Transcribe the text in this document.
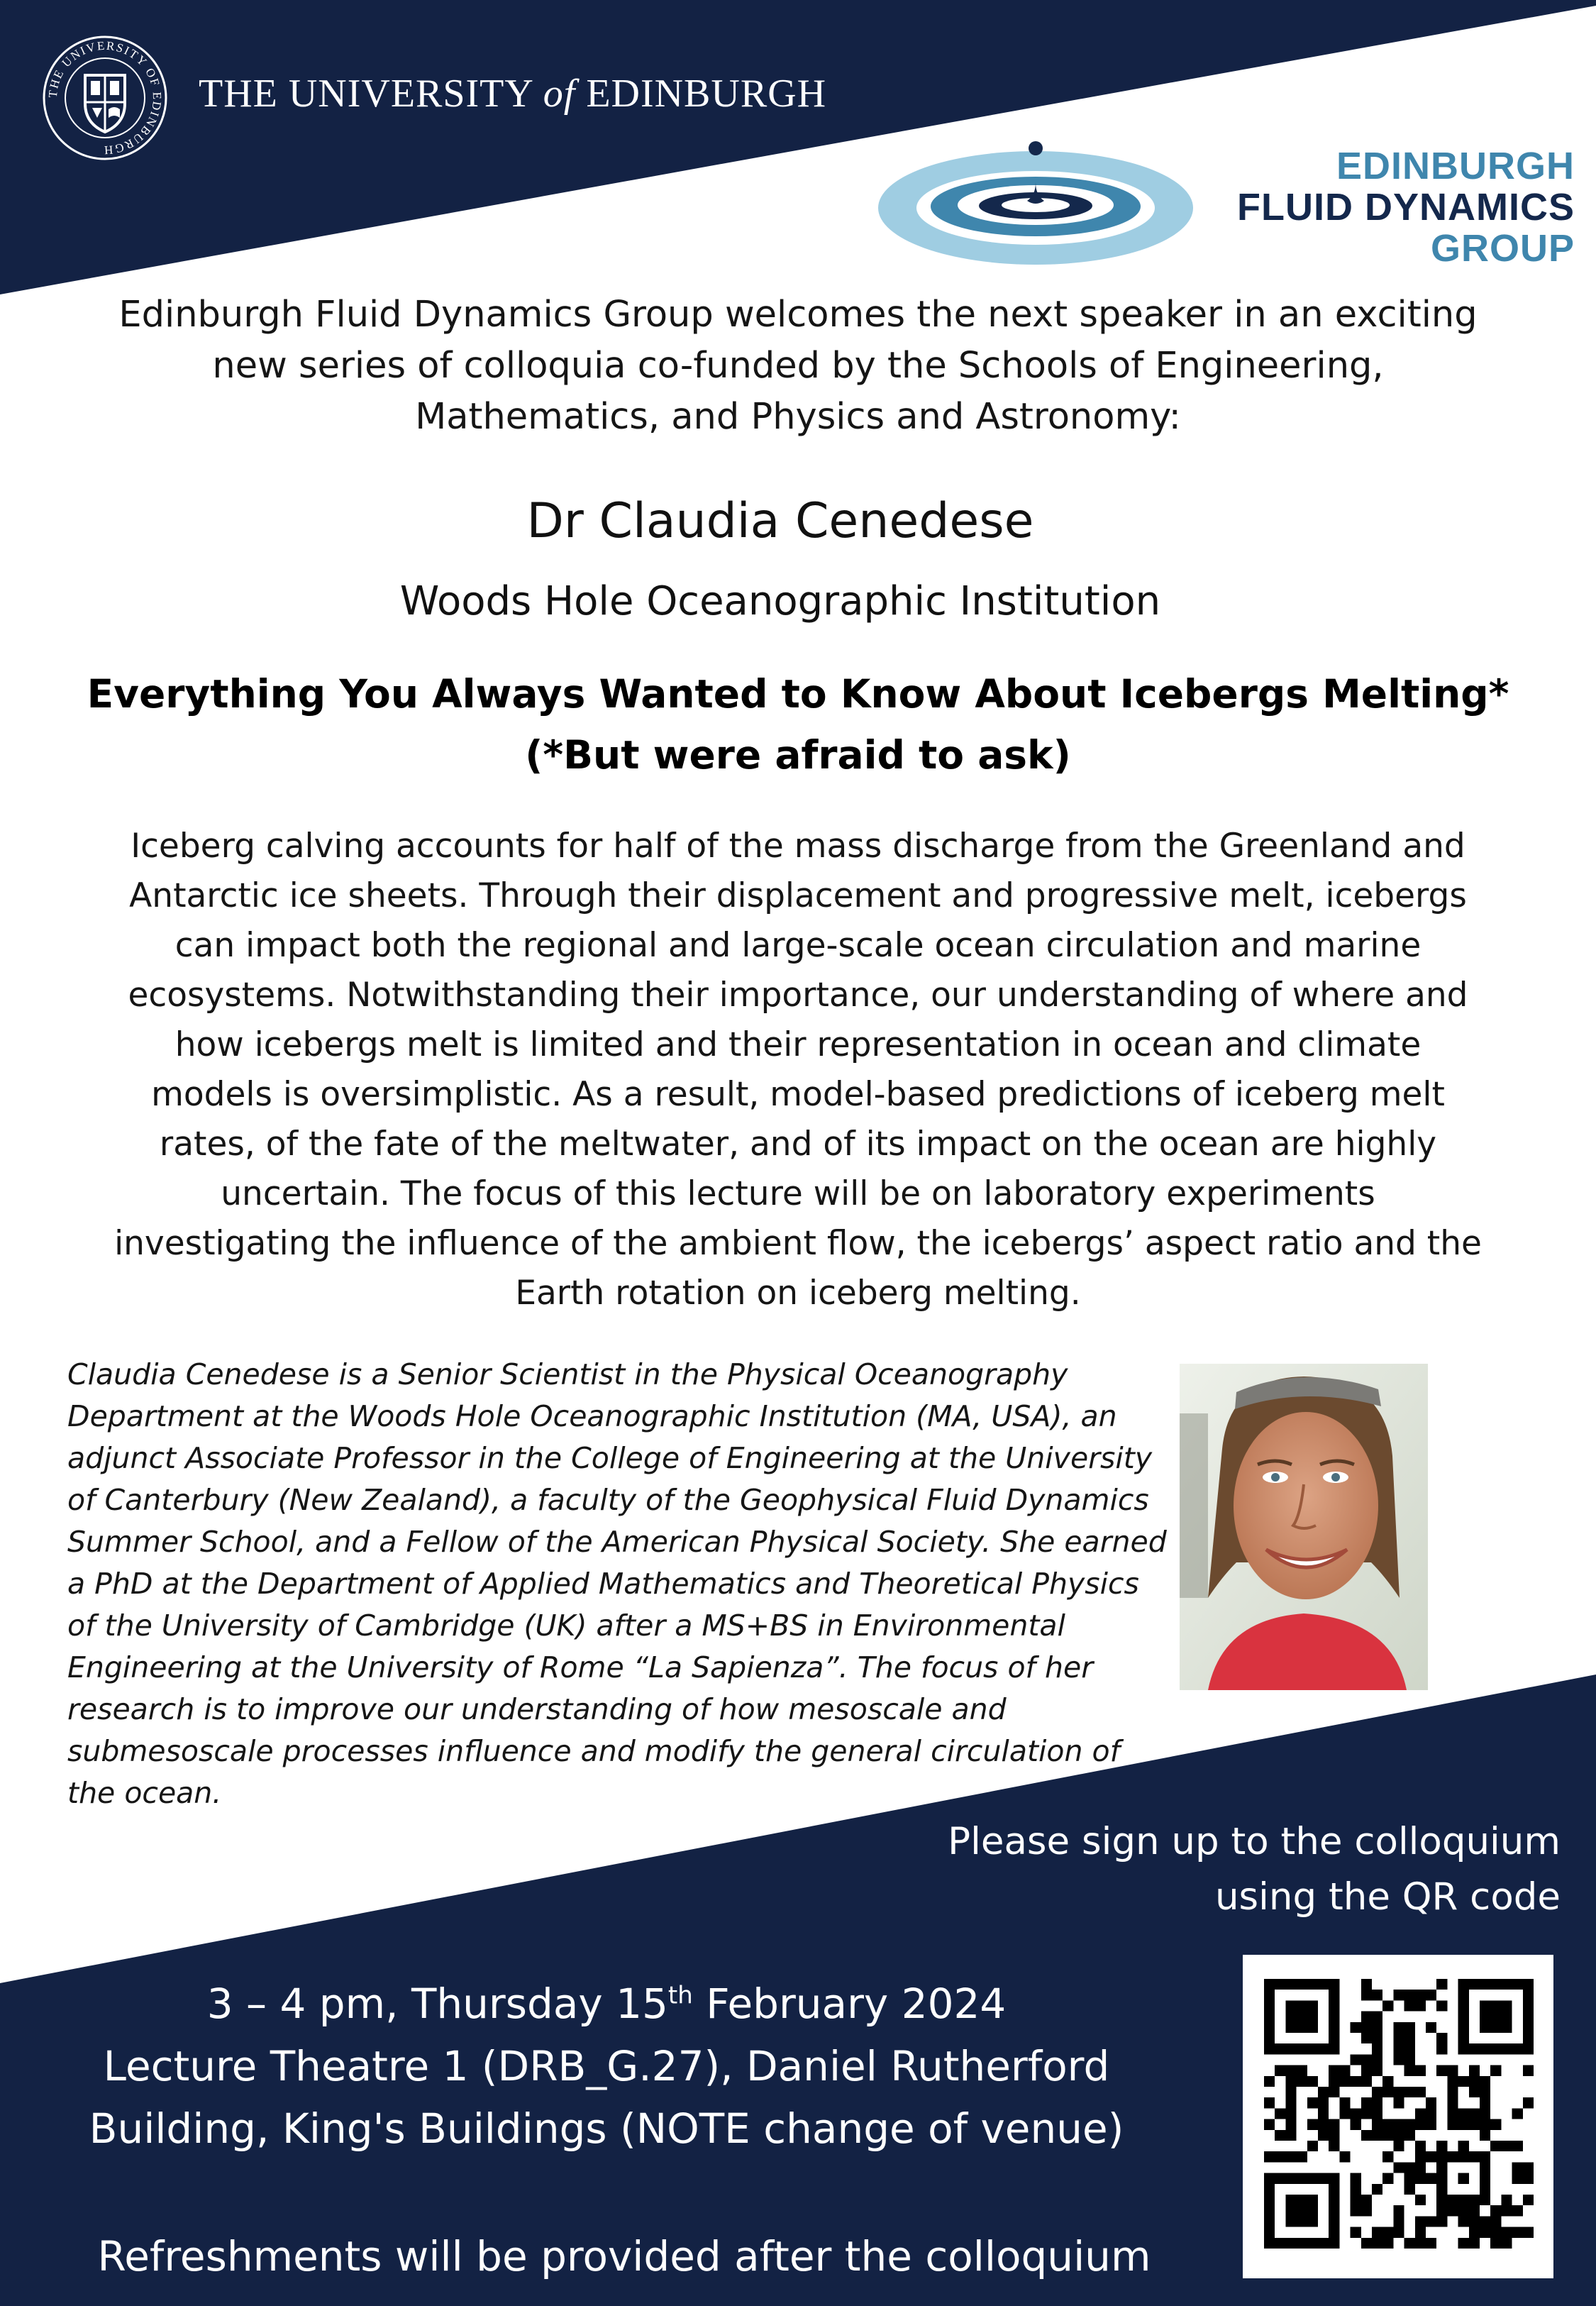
THE UNIVERSITY OF EDINBURGH
THE UNIVERSITY of EDINBURGH
EDINBURGH
FLUID DYNAMICS
GROUP
Edinburgh Fluid Dynamics Group welcomes the next speaker in an exciting new series of colloquia co-funded by the Schools of Engineering, Mathematics, and Physics and Astronomy:
Dr Claudia Cenedese
Woods Hole Oceanographic Institution
Everything You Always Wanted to Know About Icebergs Melting*
(*But were afraid to ask)
Iceberg calving accounts for half of the mass discharge from the Greenland and Antarctic ice sheets. Through their displacement and progressive melt, icebergs can impact both the regional and large-scale ocean circulation and marine ecosystems. Notwithstanding their importance, our understanding of where and how icebergs melt is limited and their representation in ocean and climate models is oversimplistic. As a result, model-based predictions of iceberg melt rates, of the fate of the meltwater, and of its impact on the ocean are highly uncertain. The focus of this lecture will be on laboratory experiments investigating the influence of the ambient flow, the icebergs’ aspect ratio and the Earth rotation on iceberg melting.
Claudia Cenedese is a Senior Scientist in the Physical Oceanography Department at the Woods Hole Oceanographic Institution (MA, USA), an adjunct Associate Professor in the College of Engineering at the University of Canterbury (New Zealand), a faculty of the Geophysical Fluid Dynamics Summer School, and a Fellow of the American Physical Society. She earned a PhD at the Department of Applied Mathematics and Theoretical Physics of the University of Cambridge (UK) after a MS+BS in Environmental Engineering at the University of Rome “La Sapienza”. The focus of her research is to improve our understanding of how mesoscale and submesoscale processes influence and modify the general circulation of the ocean.
Please sign up to the colloquium
using the QR code
3 – 4 pm, Thursday 15th February 2024
Lecture Theatre 1 (DRB_G.27), Daniel Rutherford
Building, King's Buildings (NOTE change of venue)
Refreshments will be provided after the colloquium
